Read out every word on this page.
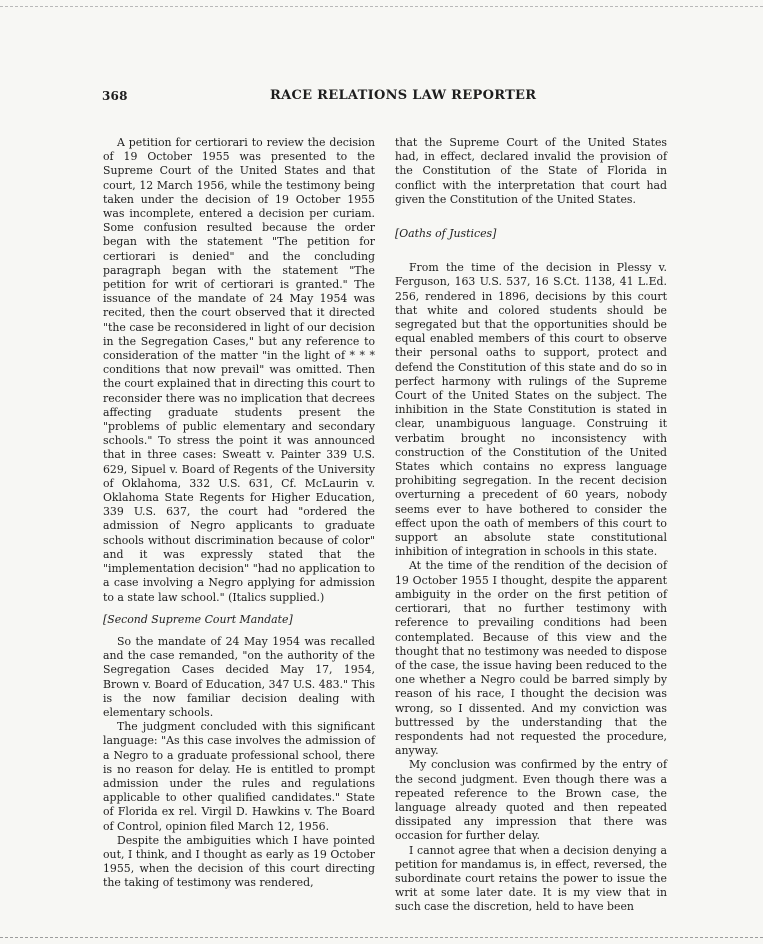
368	RACE RELATIONS LAW REPORTER

A petition for certiorari to review the decision of 19 October 1955 was presented to the Supreme Court of the United States and that court, 12 March 1956, while the testimony being taken under the decision of 19 October 1955 was incomplete, entered a decision per curiam. Some confusion resulted because the order began with the statement "The petition for certiorari is denied" and the concluding paragraph began with the statement "The petition for writ of certiorari is granted." The issuance of the mandate of 24 May 1954 was recited, then the court observed that it directed "the case be reconsidered in light of our decision in the Segregation Cases," but any reference to consideration of the matter "in the light of * * * conditions that now prevail" was omitted. Then the court explained that in directing this court to reconsider there was no implication that decrees affecting graduate students present the "problems of public elementary and secondary schools." To stress the point it was announced that in three cases: Sweatt v. Painter 339 U.S. 629, Sipuel v. Board of Regents of the University of Oklahoma, 332 U.S. 631, Cf. McLaurin v. Oklahoma State Regents for Higher Education, 339 U.S. 637, the court had "ordered the admission of Negro applicants to graduate schools without discrimination because of color" and it was expressly stated that the "implementation decision" "had no application to a case involving a Negro applying for admission to a state law school." (Italics supplied.)

[Second Supreme Court Mandate]

So the mandate of 24 May 1954 was recalled and the case remanded, "on the authority of the Segregation Cases decided May 17, 1954, Brown v. Board of Education, 347 U.S. 483." This is the now familiar decision dealing with elementary schools.

The judgment concluded with this significant language: "As this case involves the admission of a Negro to a graduate professional school, there is no reason for delay. He is entitled to prompt admission under the rules and regulations applicable to other qualified candidates." State of Florida ex rel. Virgil D. Hawkins v. The Board of Control, opinion filed March 12, 1956.

Despite the ambiguities which I have pointed out, I think, and I thought as early as 19 October 1955, when the decision of this court directing the taking of testimony was rendered,

that the Supreme Court of the United States had, in effect, declared invalid the provision of the Constitution of the State of Florida in conflict with the interpretation that court had given the Constitution of the United States.

[Oaths of Justices]

From the time of the decision in Plessy v. Ferguson, 163 U.S. 537, 16 S.Ct. 1138, 41 L.Ed. 256, rendered in 1896, decisions by this court that white and colored students should be segregated but that the opportunities should be equal enabled members of this court to observe their personal oaths to support, protect and defend the Constitution of this state and do so in perfect harmony with rulings of the Supreme Court of the United States on the subject. The inhibition in the State Constitution is stated in clear, unambiguous language. Construing it verbatim brought no inconsistency with construction of the Constitution of the United States which contains no express language prohibiting segregation. In the recent decision overturning a precedent of 60 years, nobody seems ever to have bothered to consider the effect upon the oath of members of this court to support an absolute state constitutional inhibition of integration in schools in this state.

At the time of the rendition of the decision of 19 October 1955 I thought, despite the apparent ambiguity in the order on the first petition of certiorari, that no further testimony with reference to prevailing conditions had been contemplated. Because of this view and the thought that no testimony was needed to dispose of the case, the issue having been reduced to the one whether a Negro could be barred simply by reason of his race, I thought the decision was wrong, so I dissented. And my conviction was buttressed by the understanding that the respondents had not requested the procedure, anyway.

My conclusion was confirmed by the entry of the second judgment. Even though there was a repeated reference to the Brown case, the language already quoted and then repeated dissipated any impression that there was occasion for further delay.

I cannot agree that when a decision denying a petition for mandamus is, in effect, reversed, the subordinate court retains the power to issue the writ at some later date. It is my view that in such case the discretion, held to have been
